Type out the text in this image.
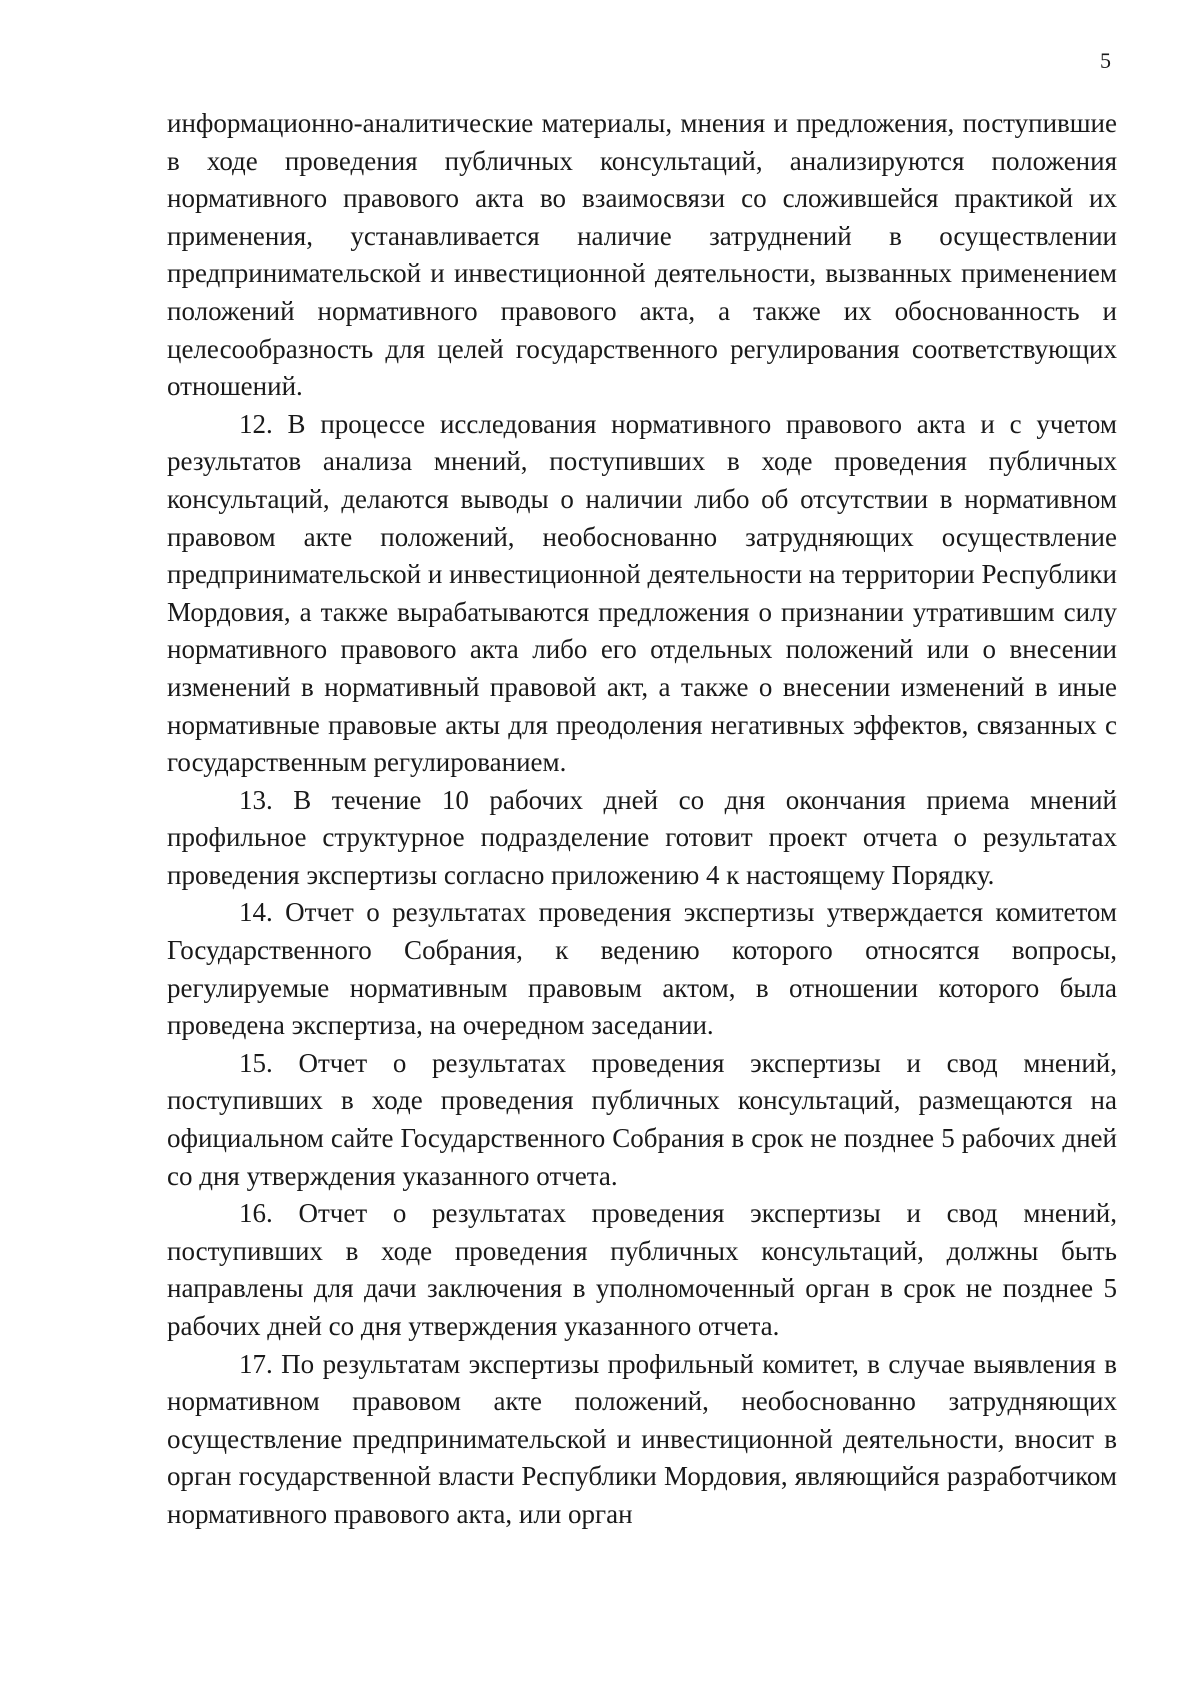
5

информационно-аналитические материалы, мнения и предложения, поступившие в ходе проведения публичных консультаций, анализируются положения нормативного правового акта во взаимосвязи со сложившейся практикой их применения, устанавливается наличие затруднений в осуществлении предпринимательской и инвестиционной деятельности, вызванных применением положений нормативного правового акта, а также их обоснованность и целесообразность для целей государственного регулирования соответствующих отношений.

12. В процессе исследования нормативного правового акта и с учетом результатов анализа мнений, поступивших в ходе проведения публичных консультаций, делаются выводы о наличии либо об отсутствии в нормативном правовом акте положений, необоснованно затрудняющих осуществление предпринимательской и инвестиционной деятельности на территории Республики Мордовия, а также вырабатываются предложения о признании утратившим силу нормативного правового акта либо его отдельных положений или о внесении изменений в нормативный правовой акт, а также о внесении изменений в иные нормативные правовые акты для преодоления негативных эффектов, связанных с государственным регулированием.

13. В течение 10 рабочих дней со дня окончания приема мнений профильное структурное подразделение готовит проект отчета о результатах проведения экспертизы согласно приложению 4 к настоящему Порядку.

14. Отчет о результатах проведения экспертизы утверждается комитетом Государственного Собрания, к ведению которого относятся вопросы, регулируемые нормативным правовым актом, в отношении которого была проведена экспертиза, на очередном заседании.

15. Отчет о результатах проведения экспертизы и свод мнений, поступивших в ходе проведения публичных консультаций, размещаются на официальном сайте Государственного Собрания в срок не позднее 5 рабочих дней со дня утверждения указанного отчета.

16. Отчет о результатах проведения экспертизы и свод мнений, поступивших в ходе проведения публичных консультаций, должны быть направлены для дачи заключения в уполномоченный орган в срок не позднее 5 рабочих дней со дня утверждения указанного отчета.

17. По результатам экспертизы профильный комитет, в случае выявления в нормативном правовом акте положений, необоснованно затрудняющих осуществление предпринимательской и инвестиционной деятельности, вносит в орган государственной власти Республики Мордовия, являющийся разработчиком нормативного правового акта, или орган
